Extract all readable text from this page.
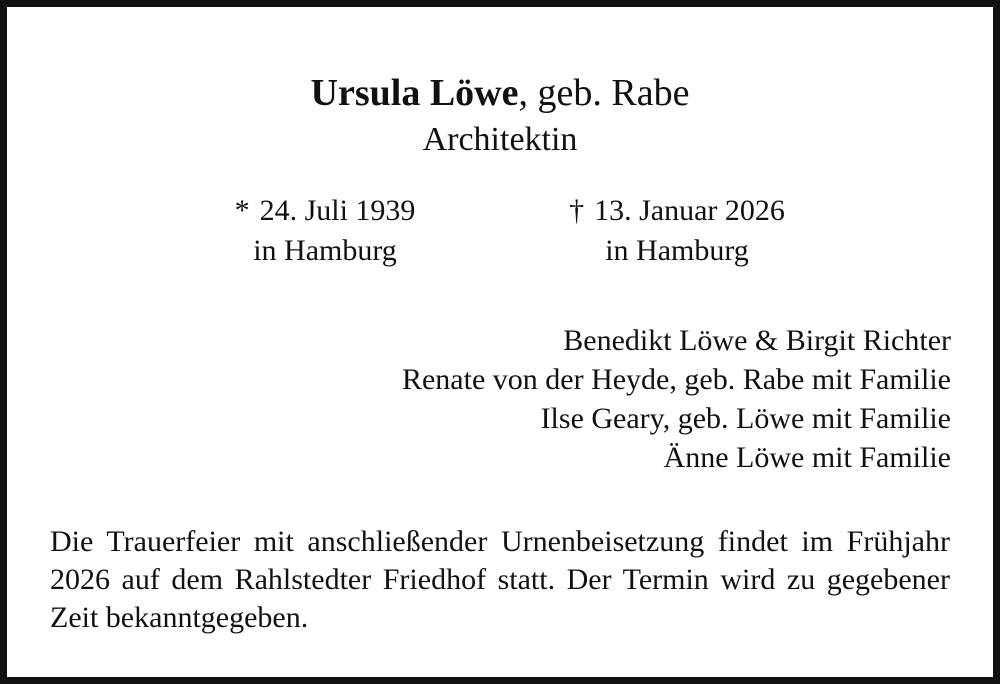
Ursula Löwe, geb. Rabe
Architektin
* 24. Juli 1939
in Hamburg
† 13. Januar 2026
in Hamburg
Benedikt Löwe & Birgit Richter
Renate von der Heyde, geb. Rabe mit Familie
Ilse Geary, geb. Löwe mit Familie
Änne Löwe mit Familie
Die Trauerfeier mit anschließender Urnenbeisetzung findet im Frühjahr 2026 auf dem Rahlstedter Friedhof statt. Der Termin wird zu gegebener Zeit bekanntgegeben.
